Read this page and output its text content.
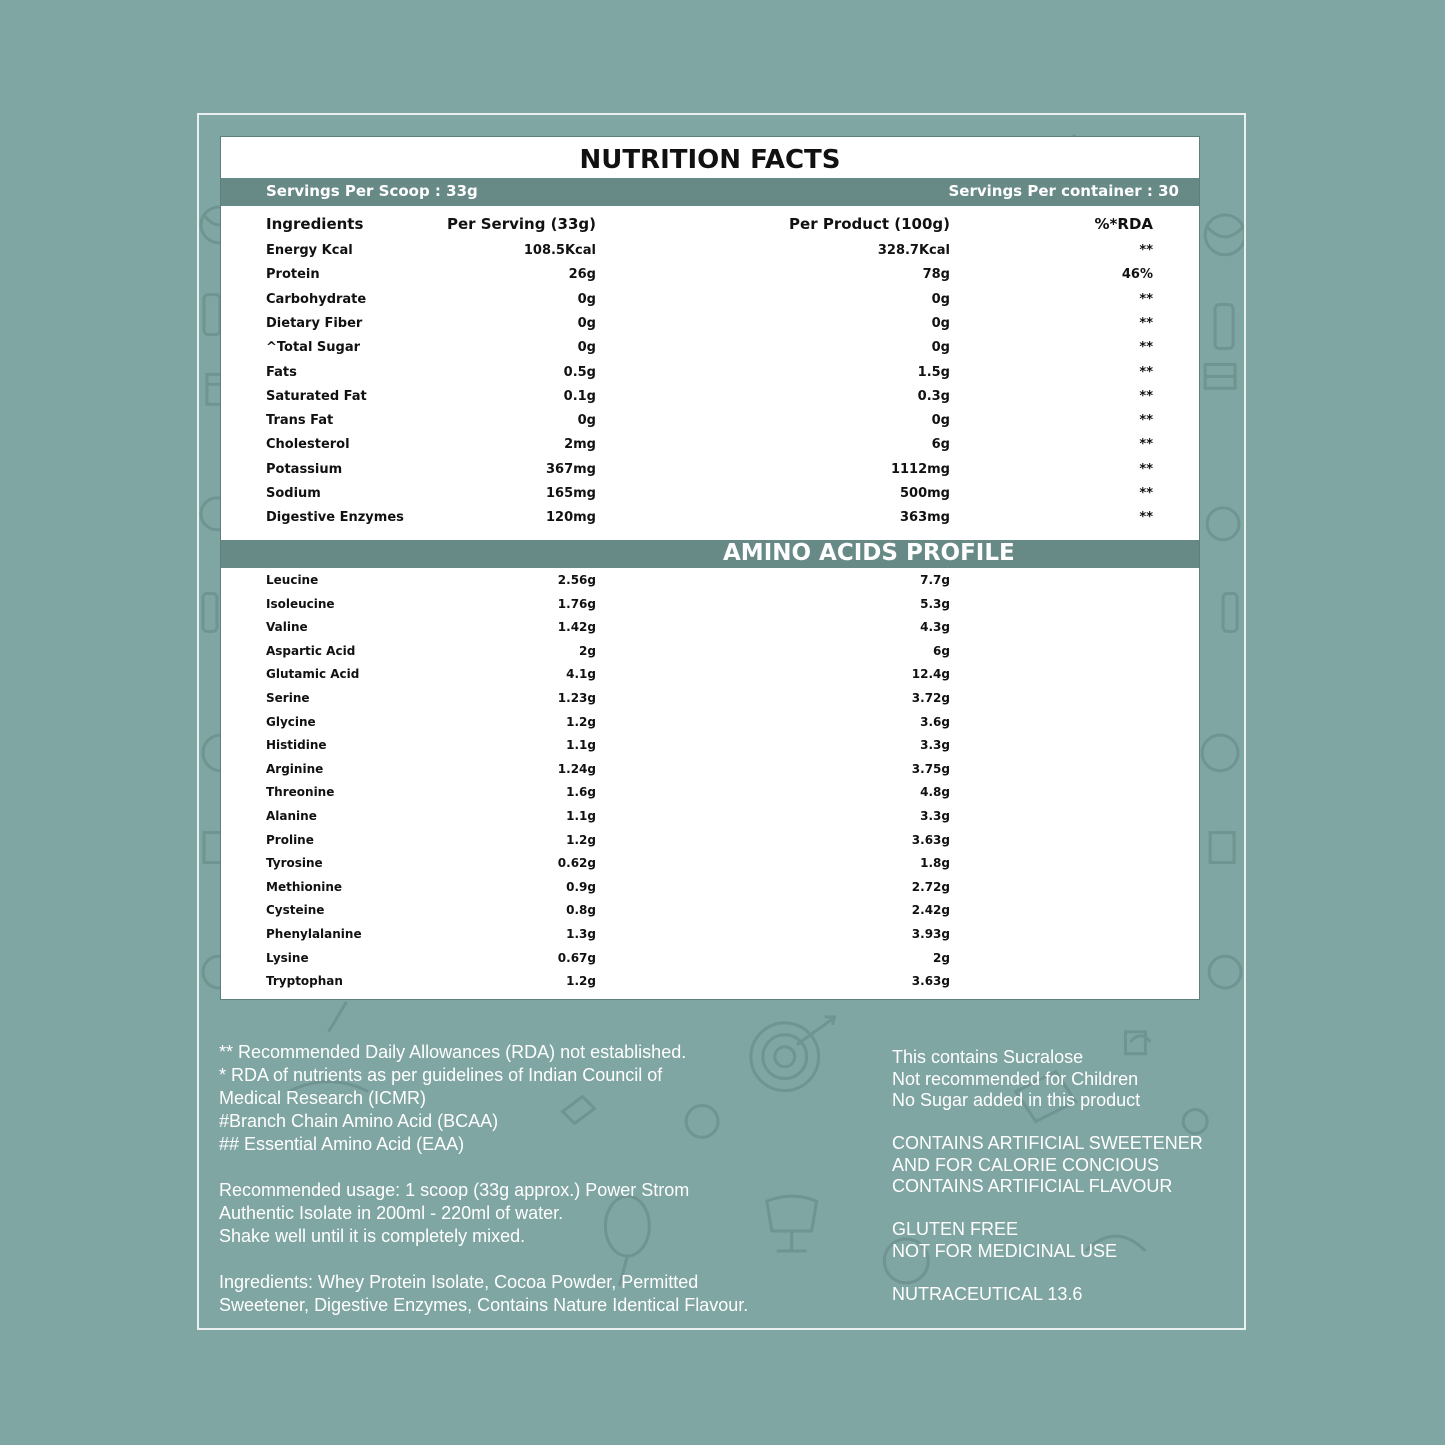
NUTRITION FACTS
Servings Per Scoop : 33g	Servings Per container : 30
Ingredients	Per Serving (33g)	Per Product (100g)	%*RDA
Energy Kcal	108.5Kcal	328.7Kcal	**
Protein	26g	78g	46%
Carbohydrate	0g	0g	**
Dietary Fiber	0g	0g	**
^Total Sugar	0g	0g	**
Fats	0.5g	1.5g	**
Saturated Fat	0.1g	0.3g	**
Trans Fat	0g	0g	**
Cholesterol	2mg	6g	**
Potassium	367mg	1112mg	**
Sodium	165mg	500mg	**
Digestive Enzymes	120mg	363mg	**
AMINO ACIDS PROFILE
Leucine	2.56g	7.7g
Isoleucine	1.76g	5.3g
Valine	1.42g	4.3g
Aspartic Acid	2g	6g
Glutamic Acid	4.1g	12.4g
Serine	1.23g	3.72g
Glycine	1.2g	3.6g
Histidine	1.1g	3.3g
Arginine	1.24g	3.75g
Threonine	1.6g	4.8g
Alanine	1.1g	3.3g
Proline	1.2g	3.63g
Tyrosine	0.62g	1.8g
Methionine	0.9g	2.72g
Cysteine	0.8g	2.42g
Phenylalanine	1.3g	3.93g
Lysine	0.67g	2g
Tryptophan	1.2g	3.63g

** Recommended Daily Allowances (RDA) not established.

* RDA of nutrients as per guidelines of Indian Council of

Medical Research (ICMR)

#Branch Chain Amino Acid (BCAA)

## Essential Amino Acid (EAA)

Recommended usage: 1 scoop (33g approx.) Power Strom

Authentic Isolate in 200ml - 220ml of water.

Shake well until it is completely mixed.

Ingredients: Whey Protein Isolate, Cocoa Powder, Permitted

Sweetener, Digestive Enzymes, Contains Nature Identical Flavour.

This contains Sucralose

Not recommended for Children

No Sugar added in this product

CONTAINS ARTIFICIAL SWEETENER

AND FOR CALORIE CONCIOUS

CONTAINS ARTIFICIAL FLAVOUR

GLUTEN FREE

NOT FOR MEDICINAL USE

NUTRACEUTICAL 13.6
